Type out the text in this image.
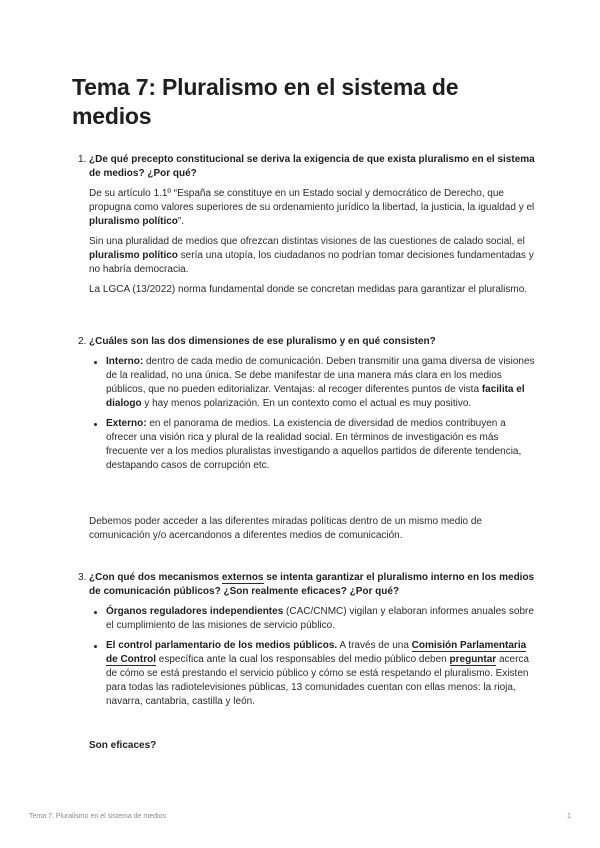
Tema 7: Pluralismo en el sistema de medios

1. ¿De qué precepto constitucional se deriva la exigencia de que exista pluralismo en el sistema de medios? ¿Por qué?

De su artículo 1.1º “España se constituye en un Estado social y democrático de Derecho, que propugna como valores superiores de su ordenamiento jurídico la libertad, la justicia, la igualdad y el pluralismo político”.

Sin una pluralidad de medios que ofrezcan distintas visiones de las cuestiones de calado social, el pluralismo político sería una utopía, los ciudadanos no podrían tomar decisiones fundamentadas y no habría democracia.

La LGCA (13/2022) norma fundamental donde se concretan medidas para garantizar el pluralismo.

2. ¿Cuáles son las dos dimensiones de ese pluralismo y en qué consisten?

Interno: dentro de cada medio de comunicación. Deben transmitir una gama diversa de visiones de la realidad, no una única. Se debe manifestar de una manera más clara en los medios públicos, que no pueden editorializar. Ventajas: al recoger diferentes puntos de vista facilita el dialogo y hay menos polarización. En un contexto como el actual es muy positivo.
Externo: en el panorama de medios. La existencia de diversidad de medios contribuyen a ofrecer una visión rica y plural de la realidad social. En términos de investigación es más frecuente ver a los medios pluralistas investigando a aquellos partidos de diferente tendencia, destapando casos de corrupción etc.

Debemos poder acceder a las diferentes miradas políticas dentro de un mismo medio de comunicación y/o acercandonos a diferentes medios de comunicación.

3. ¿Con qué dos mecanismos externos se intenta garantizar el pluralismo interno en los medios de comunicación públicos? ¿Son realmente eficaces? ¿Por qué?

Órganos reguladores independientes (CAC/CNMC) vigilan y elaboran informes anuales sobre el cumplimiento de las misiones de servicio público.
El control parlamentario de los medios públicos. A través de una Comisión Parlamentaria de Control específica ante la cual los responsables del medio público deben preguntar acerca de cómo se está prestando el servicio público y cómo se está respetando el pluralismo. Existen para todas las radiotelevisiones públicas, 13 comunidades cuentan con ellas menos: la rioja, navarra, cantabria, castilla y león.

Son eficaces?

Tema 7: Pluralismo en el sistema de medios	1
